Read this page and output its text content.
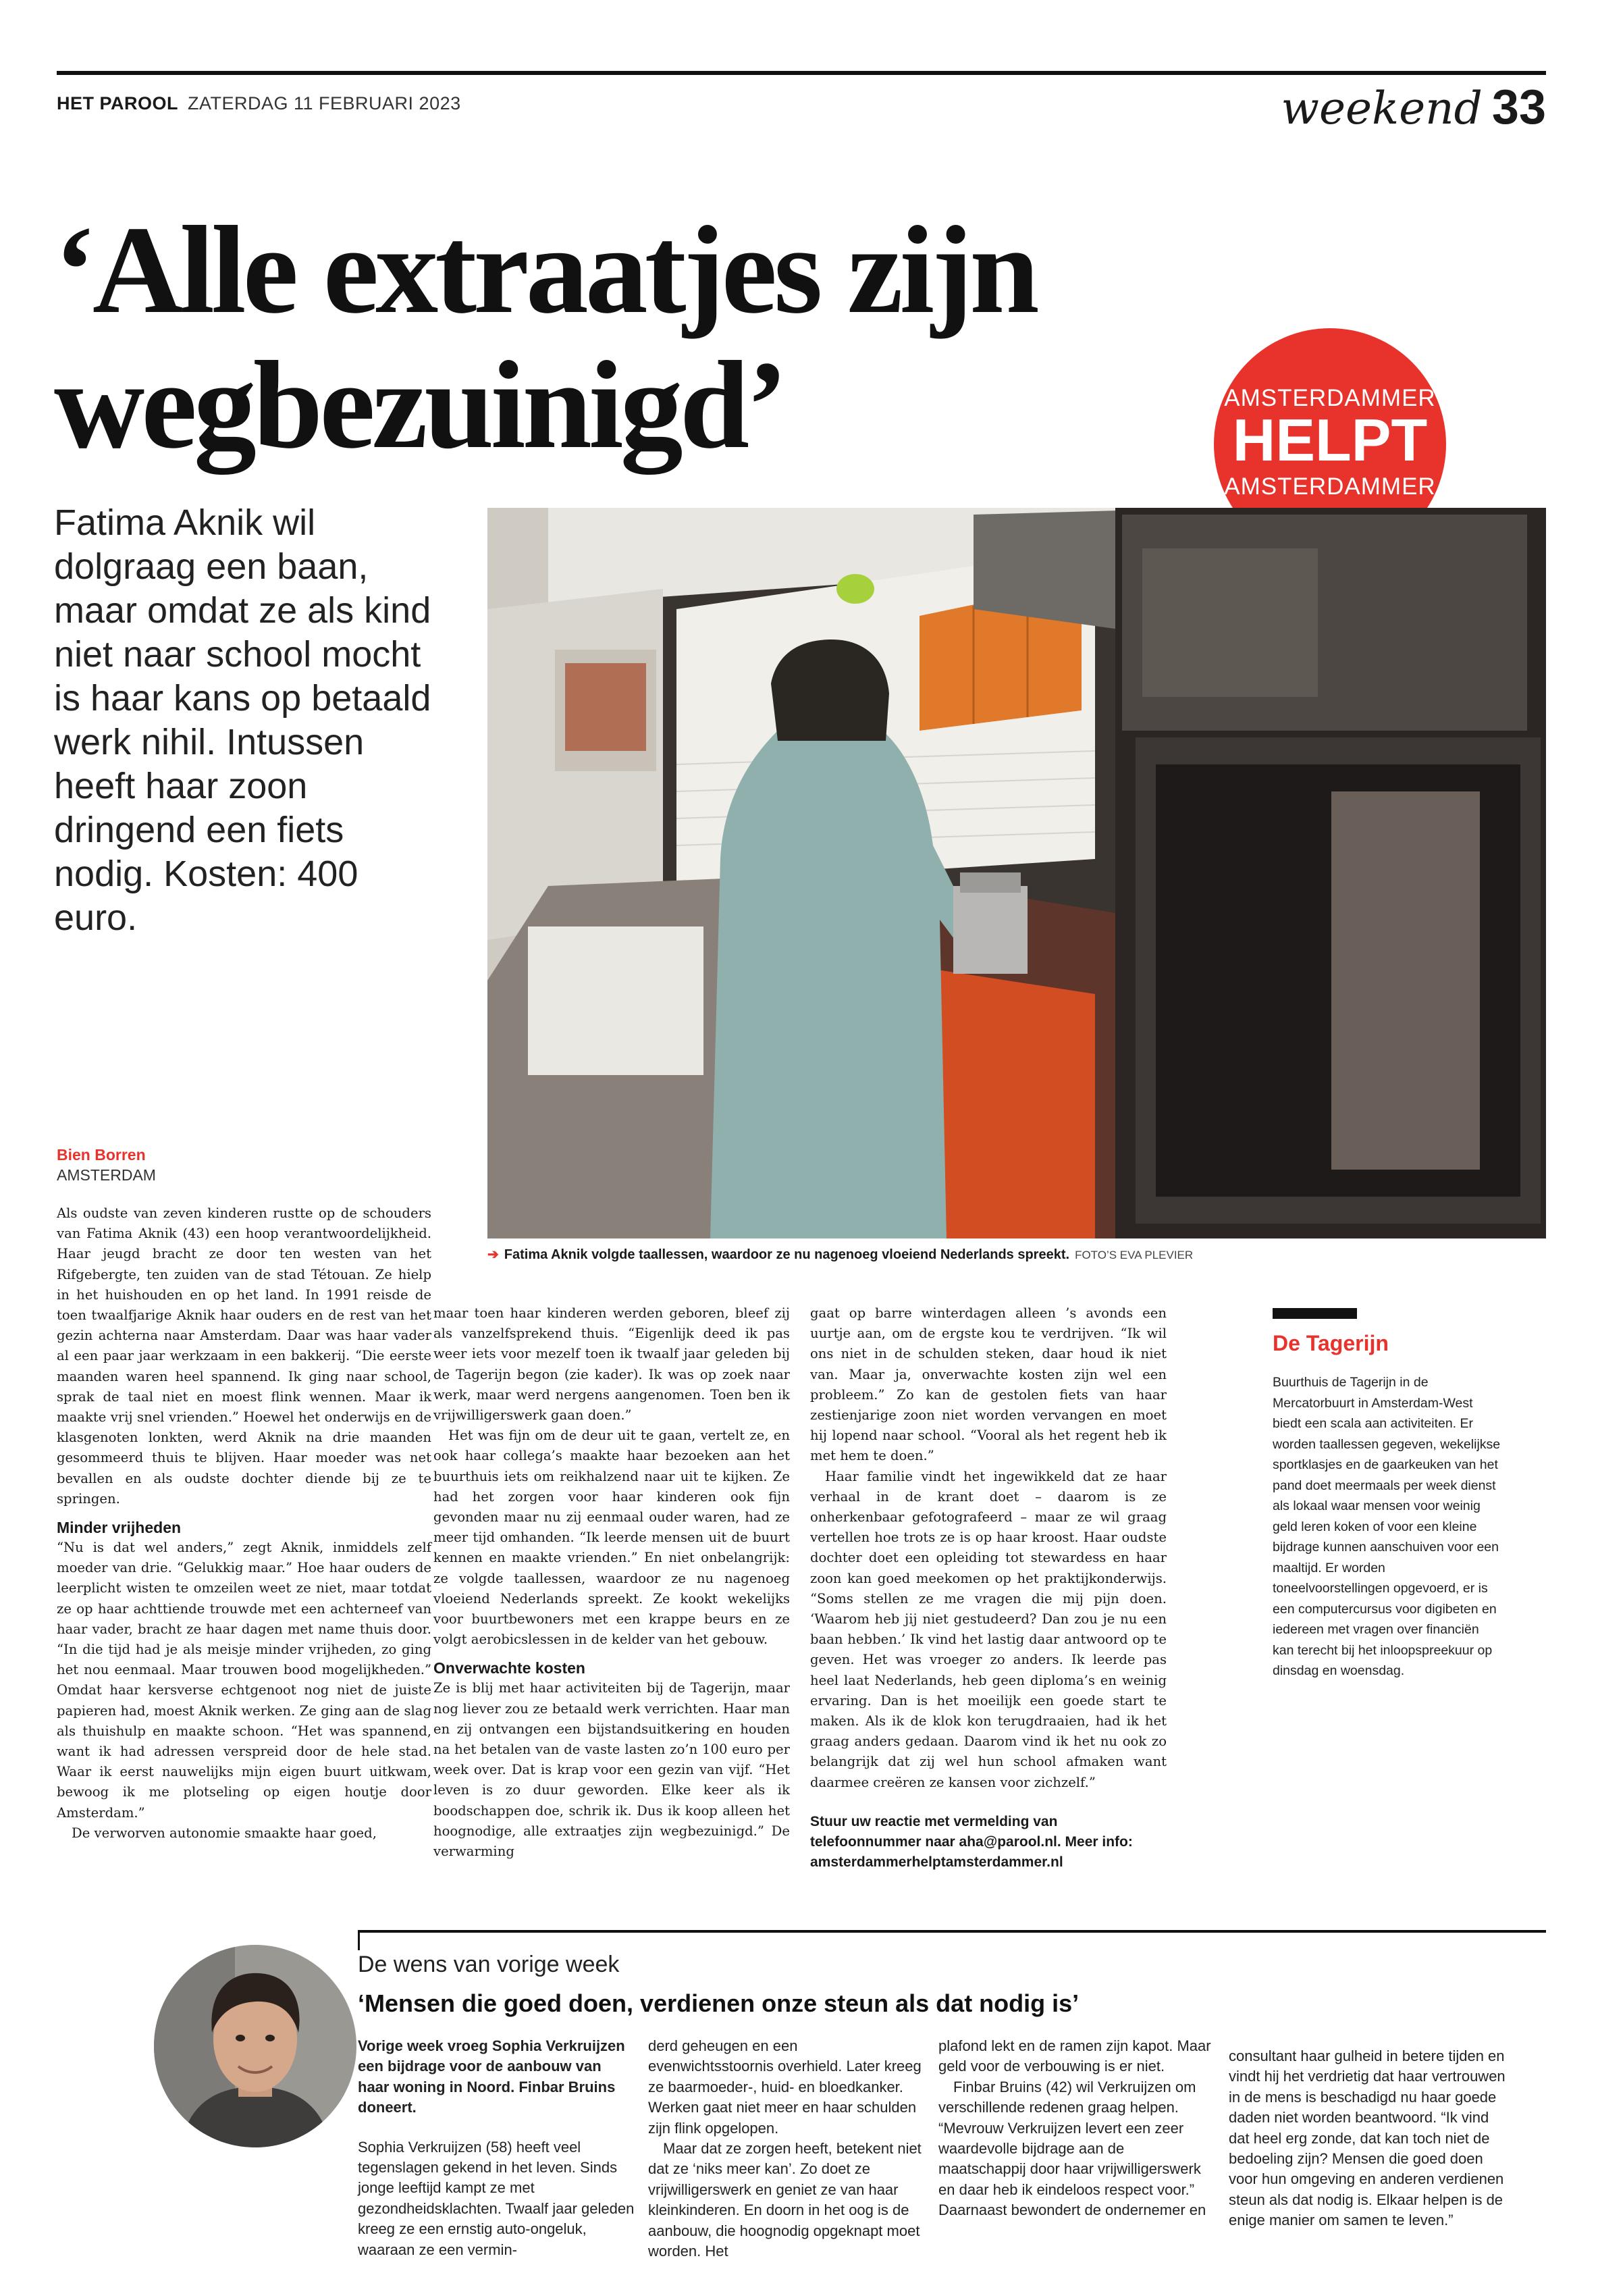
HET PAROOL ZATERDAG 11 FEBRUARI 2023	weekend 33
‘Alle extraatjes zijn
wegbezuinigd’	AMSTERDAMMER
HELPT
AMSTERDAMMER
Fatima Aknik wil dolgraag een baan, maar omdat ze als kind niet naar school mocht is haar kans op betaald werk nihil. Intussen heeft haar zoon dringend een fiets nodig. Kosten: 400 euro.
Bien Borren
AMSTERDAM
➔ Fatima Aknik volgde taallessen, waardoor ze nu nagenoeg vloeiend Nederlands spreekt. FOTO’S EVA PLEVIER

Als oudste van zeven kinderen rustte op de schouders van Fatima Aknik (43) een hoop verantwoordelijkheid. Haar jeugd bracht ze door ten westen van het Rifgebergte, ten zuiden van de stad Tétouan. Ze hielp in het huishouden en op het land. In 1991 reisde de toen twaalfjarige Aknik haar ouders en de rest van het gezin achterna naar Amsterdam. Daar was haar vader al een paar jaar werkzaam in een bakkerij. “Die eerste maanden waren heel spannend. Ik ging naar school, sprak de taal niet en moest flink wennen. Maar ik maakte vrij snel vrienden.” Hoewel het onderwijs en de klasgenoten lonkten, werd Aknik na drie maanden gesommeerd thuis te blijven. Haar moeder was net bevallen en als oudste dochter diende bij ze te springen.

Minder vrijheden

“Nu is dat wel anders,” zegt Aknik, inmiddels zelf moeder van drie. “Gelukkig maar.” Hoe haar ouders de leerplicht wisten te omzeilen weet ze niet, maar totdat ze op haar achttiende trouwde met een achterneef van haar vader, bracht ze haar dagen met name thuis door. “In die tijd had je als meisje minder vrijheden, zo ging het nou eenmaal. Maar trouwen bood mogelijkheden.” Omdat haar kersverse echtgenoot nog niet de juiste papieren had, moest Aknik werken. Ze ging aan de slag als thuishulp en maakte schoon. “Het was spannend, want ik had adressen verspreid door de hele stad. Waar ik eerst nauwelijks mijn eigen buurt uitkwam, bewoog ik me plotseling op eigen houtje door Amsterdam.”

De verworven autonomie smaakte haar goed,

maar toen haar kinderen werden geboren, bleef zij als vanzelfsprekend thuis. “Eigenlijk deed ik pas weer iets voor mezelf toen ik twaalf jaar geleden bij de Tagerijn begon (zie kader). Ik was op zoek naar werk, maar werd nergens aangenomen. Toen ben ik vrijwilligerswerk gaan doen.”

Het was fijn om de deur uit te gaan, vertelt ze, en ook haar collega’s maakte haar bezoeken aan het buurthuis iets om reikhalzend naar uit te kijken. Ze had het zorgen voor haar kinderen ook fijn gevonden maar nu zij eenmaal ouder waren, had ze meer tijd omhanden. “Ik leerde mensen uit de buurt kennen en maakte vrienden.” En niet onbelangrijk: ze volgde taallessen, waardoor ze nu nagenoeg vloeiend Nederlands spreekt. Ze kookt wekelijks voor buurtbewoners met een krappe beurs en ze volgt aerobicslessen in de kelder van het gebouw.

Onverwachte kosten

Ze is blij met haar activiteiten bij de Tagerijn, maar nog liever zou ze betaald werk verrichten. Haar man en zij ontvangen een bijstandsuitkering en houden na het betalen van de vaste lasten zo’n 100 euro per week over. Dat is krap voor een gezin van vijf. “Het leven is zo duur geworden. Elke keer als ik boodschappen doe, schrik ik. Dus ik koop alleen het hoognodige, alle extraatjes zijn wegbezuinigd.” De verwarming

gaat op barre winterdagen alleen ’s avonds een uurtje aan, om de ergste kou te verdrijven. “Ik wil ons niet in de schulden steken, daar houd ik niet van. Maar ja, onverwachte kosten zijn wel een probleem.” Zo kan de gestolen fiets van haar zestienjarige zoon niet worden vervangen en moet hij lopend naar school. “Vooral als het regent heb ik met hem te doen.”

Haar familie vindt het ingewikkeld dat ze haar verhaal in de krant doet – daarom is ze onherkenbaar gefotografeerd – maar ze wil graag vertellen hoe trots ze is op haar kroost. Haar oudste dochter doet een opleiding tot stewardess en haar zoon kan goed meekomen op het praktijkonderwijs. “Soms stellen ze me vragen die mij pijn doen. ‘Waarom heb jij niet gestudeerd? Dan zou je nu een baan hebben.’ Ik vind het lastig daar antwoord op te geven. Het was vroeger zo anders. Ik leerde pas heel laat Nederlands, heb geen diploma’s en weinig ervaring. Dan is het moeilijk een goede start te maken. Als ik de klok kon terugdraaien, had ik het graag anders gedaan. Daarom vind ik het nu ook zo belangrijk dat zij wel hun school afmaken want daarmee creëren ze kansen voor zichzelf.”

Stuur uw reactie met vermelding van telefoonnummer naar aha@parool.nl. Meer info: amsterdammerhelptamsterdammer.nl

De Tagerijn

Buurthuis de Tagerijn in de Mercatorbuurt in Amsterdam-West biedt een scala aan activiteiten. Er worden taallessen gegeven, wekelijkse sportklasjes en de gaarkeuken van het pand doet meermaals per week dienst als lokaal waar mensen voor weinig geld leren koken of voor een kleine bijdrage kunnen aanschuiven voor een maaltijd. Er worden toneelvoorstellingen opgevoerd, er is een computercursus voor digibeten en iedereen met vragen over financiën kan terecht bij het inloopspreekuur op dinsdag en woensdag.

De wens van vorige week
‘Mensen die goed doen, verdienen onze steun als dat nodig is’

Vorige week vroeg Sophia Verkruijzen een bijdrage voor de aanbouw van haar woning in Noord. Finbar Bruins doneert.

Sophia Verkruijzen (58) heeft veel tegenslagen gekend in het leven. Sinds jonge leeftijd kampt ze met gezondheidsklachten. Twaalf jaar geleden kreeg ze een ernstig auto-ongeluk, waaraan ze een vermin-

derd geheugen en een evenwichtsstoornis overhield. Later kreeg ze baarmoeder-, huid- en bloedkanker. Werken gaat niet meer en haar schulden zijn flink opgelopen.

Maar dat ze zorgen heeft, betekent niet dat ze ‘niks meer kan’. Zo doet ze vrijwilligerswerk en geniet ze van haar kleinkinderen. En doorn in het oog is de aanbouw, die hoognodig opgeknapt moet worden. Het

plafond lekt en de ramen zijn kapot. Maar geld voor de verbouwing is er niet.

Finbar Bruins (42) wil Verkruijzen om verschillende redenen graag helpen. “Mevrouw Verkruijzen levert een zeer waardevolle bijdrage aan de maatschappij door haar vrijwilligerswerk en daar heb ik eindeloos respect voor.” Daarnaast bewondert de ondernemer en

consultant haar gulheid in betere tijden en vindt hij het verdrietig dat haar vertrouwen in de mens is beschadigd nu haar goede daden niet worden beantwoord. “Ik vind dat heel erg zonde, dat kan toch niet de bedoeling zijn? Mensen die goed doen voor hun omgeving en anderen verdienen steun als dat nodig is. Elkaar helpen is de enige manier om samen te leven.”
